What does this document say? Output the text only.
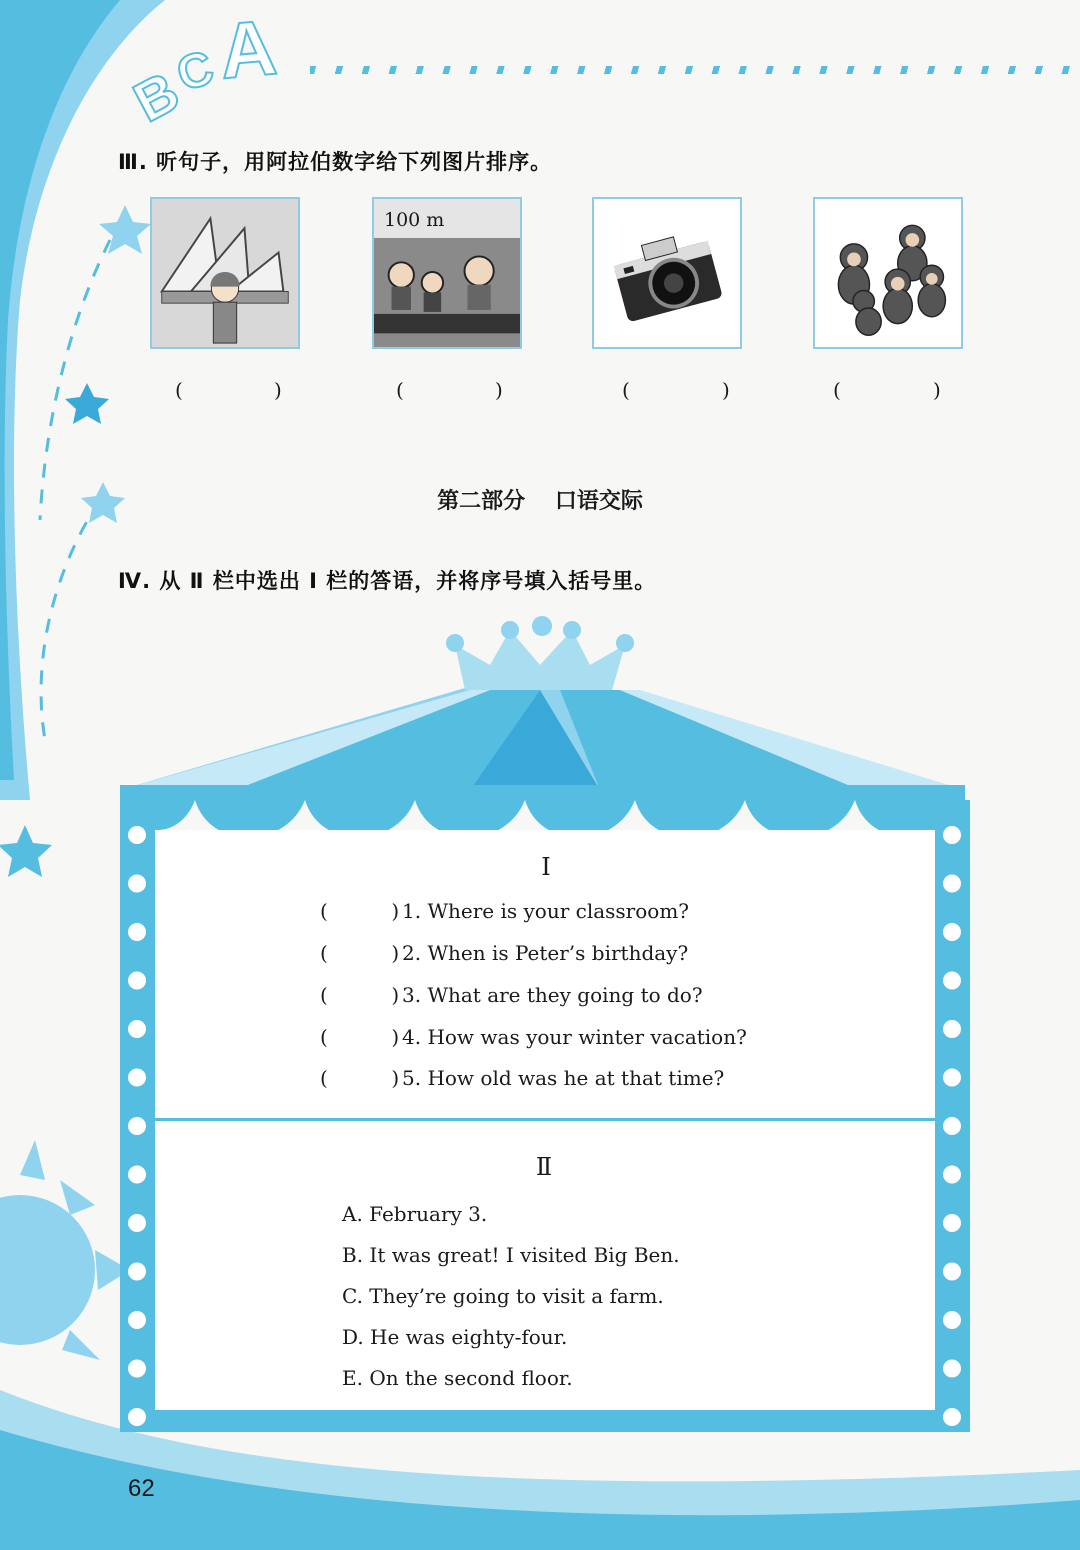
B
C
A
Ⅲ. 听句子，用阿拉伯数字给下列图片排序。
100 m
(	)	(	)	(	)	(	)
第二部分 口语交际
Ⅳ. 从 Ⅱ 栏中选出 Ⅰ 栏的答语，并将序号填入括号里。
I
(          ) 1. Where is your classroom?
(          ) 2. When is Peter’s birthday?
(          ) 3. What are they going to do?
(          ) 4. How was your winter vacation?
(          ) 5. How old was he at that time?
Ⅱ
A. February 3.
B. It was great! I visited Big Ben.
C. They’re going to visit a farm.
D. He was eighty-four.
E. On the second floor.
62
